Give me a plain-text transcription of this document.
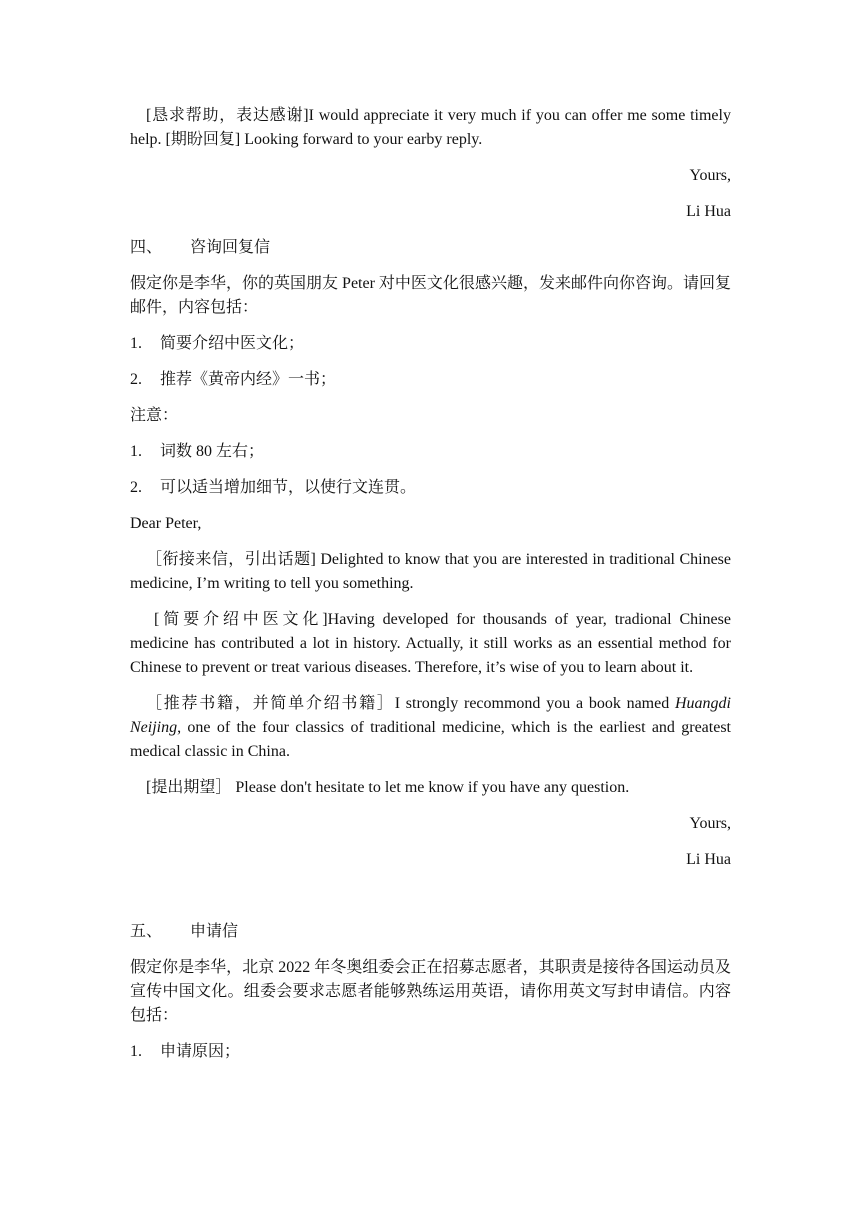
[恳求帮助，表达感谢]I would appreciate it very much if you can offer me some timely help. [期盼回复] Looking forward to your earby reply.

Yours,

Li Hua

四、 咨询回复信

假定你是李华，你的英国朋友 Peter 对中医文化很感兴趣，发来邮件向你咨询。请回复邮件，内容包括：

1. 简要介绍中医文化；

2. 推荐《黄帝内经》一书；

注意：

1. 词数 80 左右；

2. 可以适当增加细节，以使行文连贯。

Dear Peter,

［衔接来信，引出话题] Delighted to know that you are interested in traditional Chinese medicine, I’m writing to tell you something.

[简要介绍中医文化]Having developed for thousands of year, tradional Chinese medicine has contributed a lot in history. Actually, it still works as an essential method for Chinese to prevent or treat various diseases. Therefore, it’s wise of you to learn about it.

［推荐书籍，并简单介绍书籍］I strongly recommond you a book named Huangdi Neijing, one of the four classics of traditional medicine, which is the earliest and greatest medical classic in China.

[提出期望］ Please don't hesitate to let me know if you have any question.

Yours,

Li Hua

五、 申请信

假定你是李华，北京 2022 年冬奥组委会正在招募志愿者，其职责是接待各国运动员及宣传中国文化。组委会要求志愿者能够熟练运用英语，请你用英文写封申请信。内容包括：

1. 申请原因；
